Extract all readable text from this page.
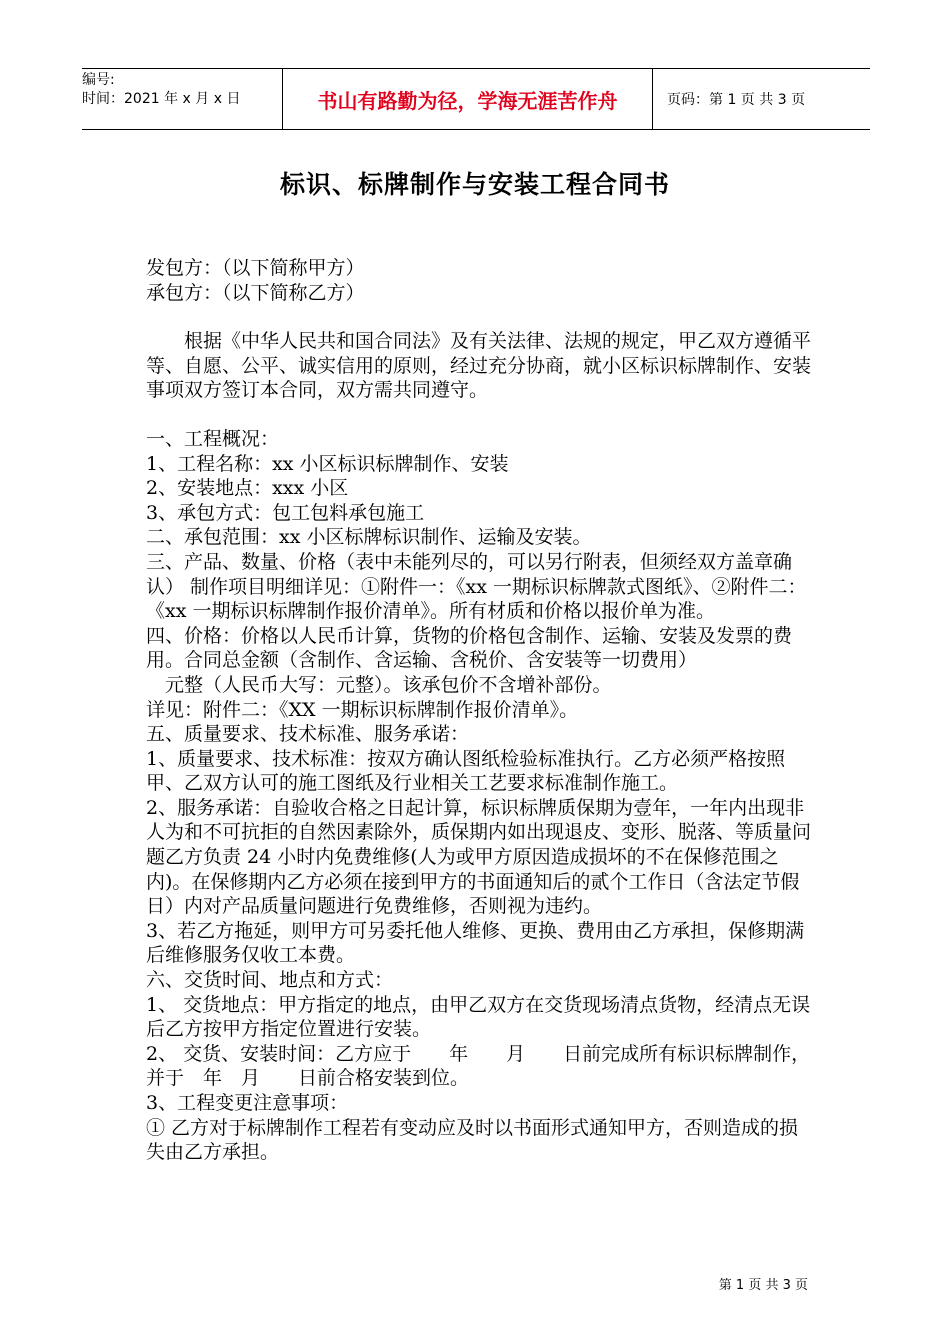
编号:
时间：2021 年 x 月 x 日	书山有路勤为径，学海无涯苦作舟	页码：第 1 页 共 3 页
标识、标牌制作与安装工程合同书

发包方：（以下简称甲方）

承包方：（以下简称乙方）

根据《中华人民共和国合同法》及有关法律、法规的规定，甲乙双方遵循平等、自愿、公平、诚实信用的原则，经过充分协商，就小区标识标牌制作、安装事项双方签订本合同，双方需共同遵守。

一、工程概况：

1、工程名称：xx 小区标识标牌制作、安装

2、安装地点：xxx 小区

3、承包方式：包工包料承包施工

二、承包范围：xx 小区标牌标识制作、运输及安装。

三、产品、数量、价格（表中未能列尽的，可以另行附表，但须经双方盖章确认） 制作项目明细详见：①附件一：《xx 一期标识标牌款式图纸》、②附件二：《xx 一期标识标牌制作报价清单》。所有材质和价格以报价单为准。

四、价格：价格以人民币计算，货物的价格包含制作、运输、安装及发票的费用。合同总金额（含制作、含运输、含税价、含安装等一切费用）

　元整（人民币大写：元整）。该承包价不含增补部份。

详见：附件二：《XX 一期标识标牌制作报价清单》。

五、质量要求、技术标准、服务承诺：

1、质量要求、技术标准：按双方确认图纸检验标准执行。乙方必须严格按照甲、乙双方认可的施工图纸及行业相关工艺要求标准制作施工。

2、服务承诺：自验收合格之日起计算，标识标牌质保期为壹年，一年内出现非人为和不可抗拒的自然因素除外，质保期内如出现退皮、变形、脱落、等质量问题乙方负责 24 小时内免费维修(人为或甲方原因造成损坏的不在保修范围之内)。在保修期内乙方必须在接到甲方的书面通知后的贰个工作日（含法定节假日）内对产品质量问题进行免费维修，否则视为违约。

3、若乙方拖延，则甲方可另委托他人维修、更换、费用由乙方承担，保修期满后维修服务仅收工本费。

六、交货时间、地点和方式：

1、 交货地点：甲方指定的地点，由甲乙双方在交货现场清点货物，经清点无误后乙方按甲方指定位置进行安装。

2、 交货、安装时间：乙方应于　　年　　月　　日前完成所有标识标牌制作，并于　年　月　　日前合格安装到位。

3、工程变更注意事项：

① 乙方对于标牌制作工程若有变动应及时以书面形式通知甲方，否则造成的损失由乙方承担。

第 1 页 共 3 页
